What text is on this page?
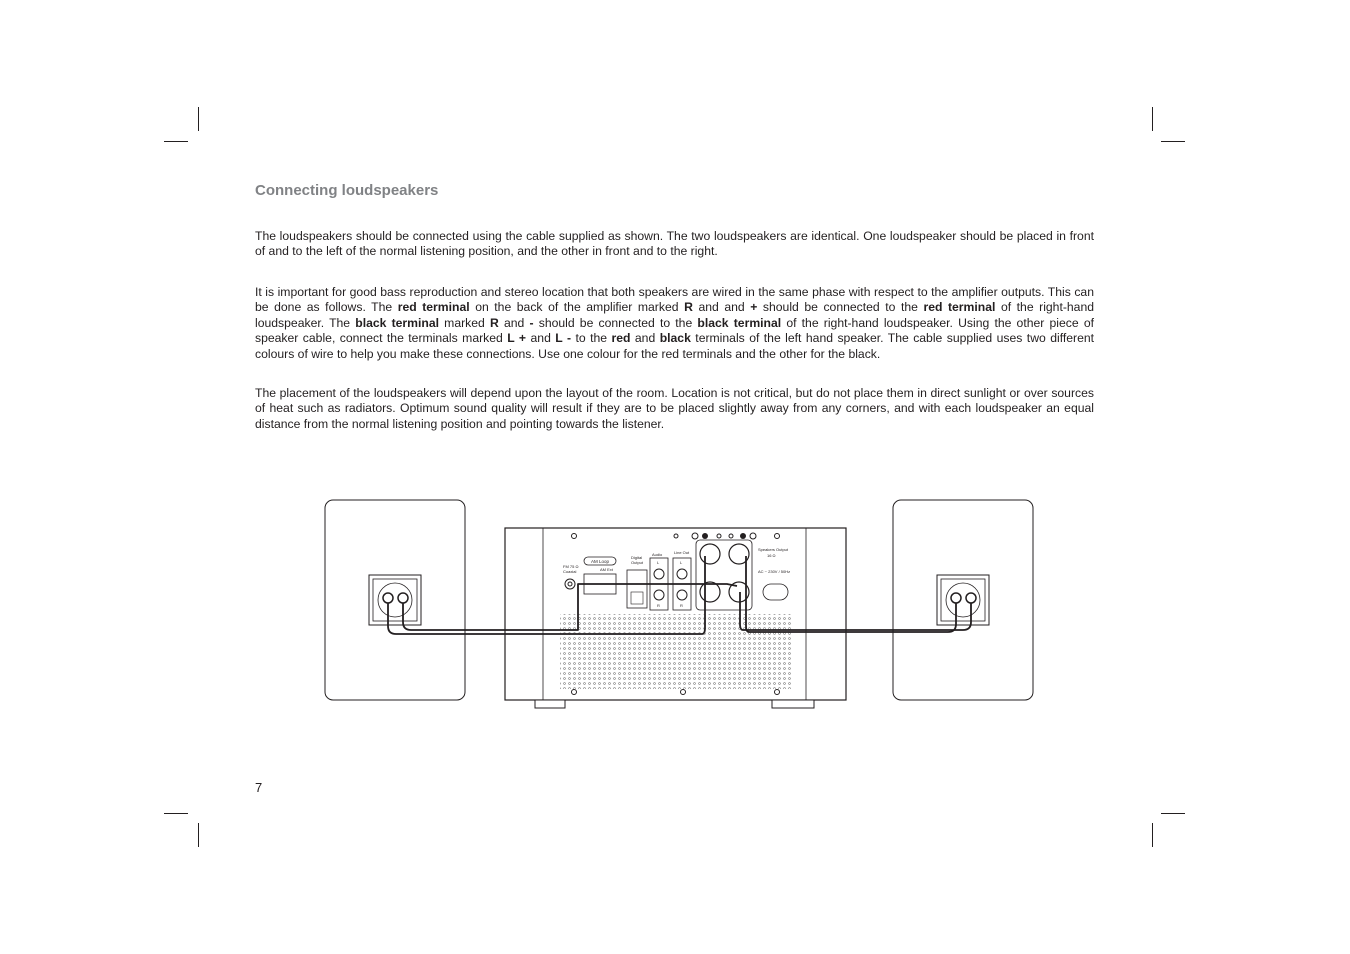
Connecting loudspeakers

The loudspeakers should be connected using the cable supplied as shown. The two loudspeakers are identical. One loudspeaker should be placed in front of and to the left of the normal listening position, and the other in front and to the right.

It is important for good bass reproduction and stereo location that both speakers are wired in the same phase with respect to the amplifier outputs. This can be done as follows. The red terminal on the back of the amplifier marked R and and + should be connected to the red terminal of the right-hand loudspeaker. The black terminal marked R and - should be connected to the black terminal of the right-hand loudspeaker. Using the other piece of speaker cable, connect the terminals marked L + and L - to the red and black terminals of the left hand speaker. The cable supplied uses two different colours of wire to help you make these connections. Use one colour for the red terminals and the other for the black.

The placement of the loudspeakers will depend upon the layout of the room. Location is not critical, but do not place them in direct sunlight or over sources of heat such as radiators. Optimum sound quality will result if they are to be placed slightly away from any corners, and with each loudspeaker an equal distance from the normal listening position and pointing towards the listener.

AM Loop
FM 75 Ω
Coaxial	AM Ext
Digital
Output
Audio
L
R
Line Out
L
R
Speakers Output
16 Ω
AC ~ 230V / 50Hz
7
